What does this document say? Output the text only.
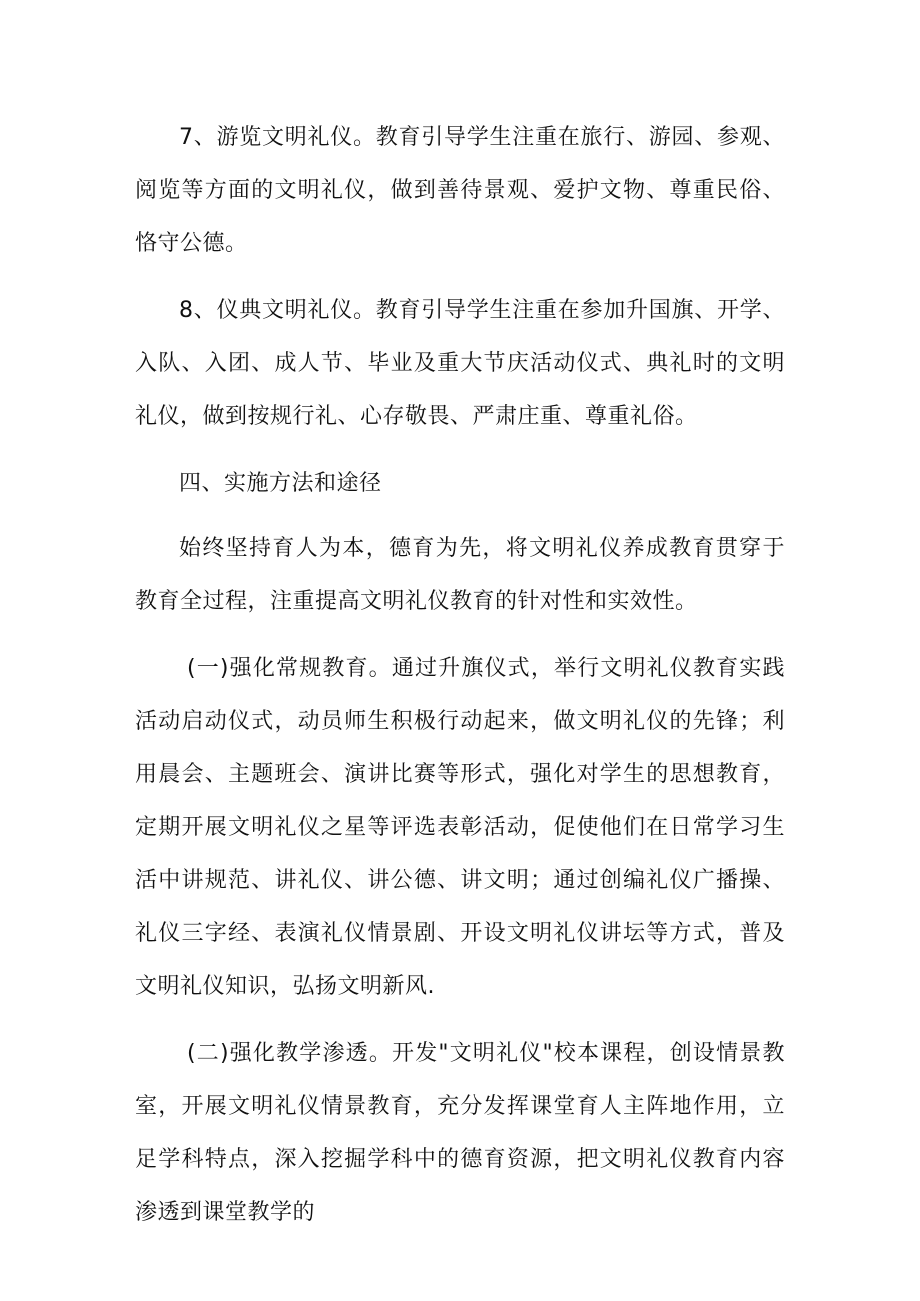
7、游览文明礼仪。教育引导学生注重在旅行、游园、参观、阅览等方面的文明礼仪，做到善待景观、爱护文物、尊重民俗、恪守公德。

8、仪典文明礼仪。教育引导学生注重在参加升国旗、开学、入队、入团、成人节、毕业及重大节庆活动仪式、典礼时的文明礼仪，做到按规行礼、心存敬畏、严肃庄重、尊重礼俗。

四、实施方法和途径

始终坚持育人为本，德育为先，将文明礼仪养成教育贯穿于教育全过程，注重提高文明礼仪教育的针对性和实效性。

(一)强化常规教育。通过升旗仪式，举行文明礼仪教育实践活动启动仪式，动员师生积极行动起来，做文明礼仪的先锋；利用晨会、主题班会、演讲比赛等形式，强化对学生的思想教育，定期开展文明礼仪之星等评选表彰活动，促使他们在日常学习生活中讲规范、讲礼仪、讲公德、讲文明；通过创编礼仪广播操、礼仪三字经、表演礼仪情景剧、开设文明礼仪讲坛等方式，普及文明礼仪知识，弘扬文明新风.

(二)强化教学渗透。开发"文明礼仪"校本课程，创设情景教室，开展文明礼仪情景教育，充分发挥课堂育人主阵地作用，立足学科特点，深入挖掘学科中的德育资源，把文明礼仪教育内容渗透到课堂教学的
